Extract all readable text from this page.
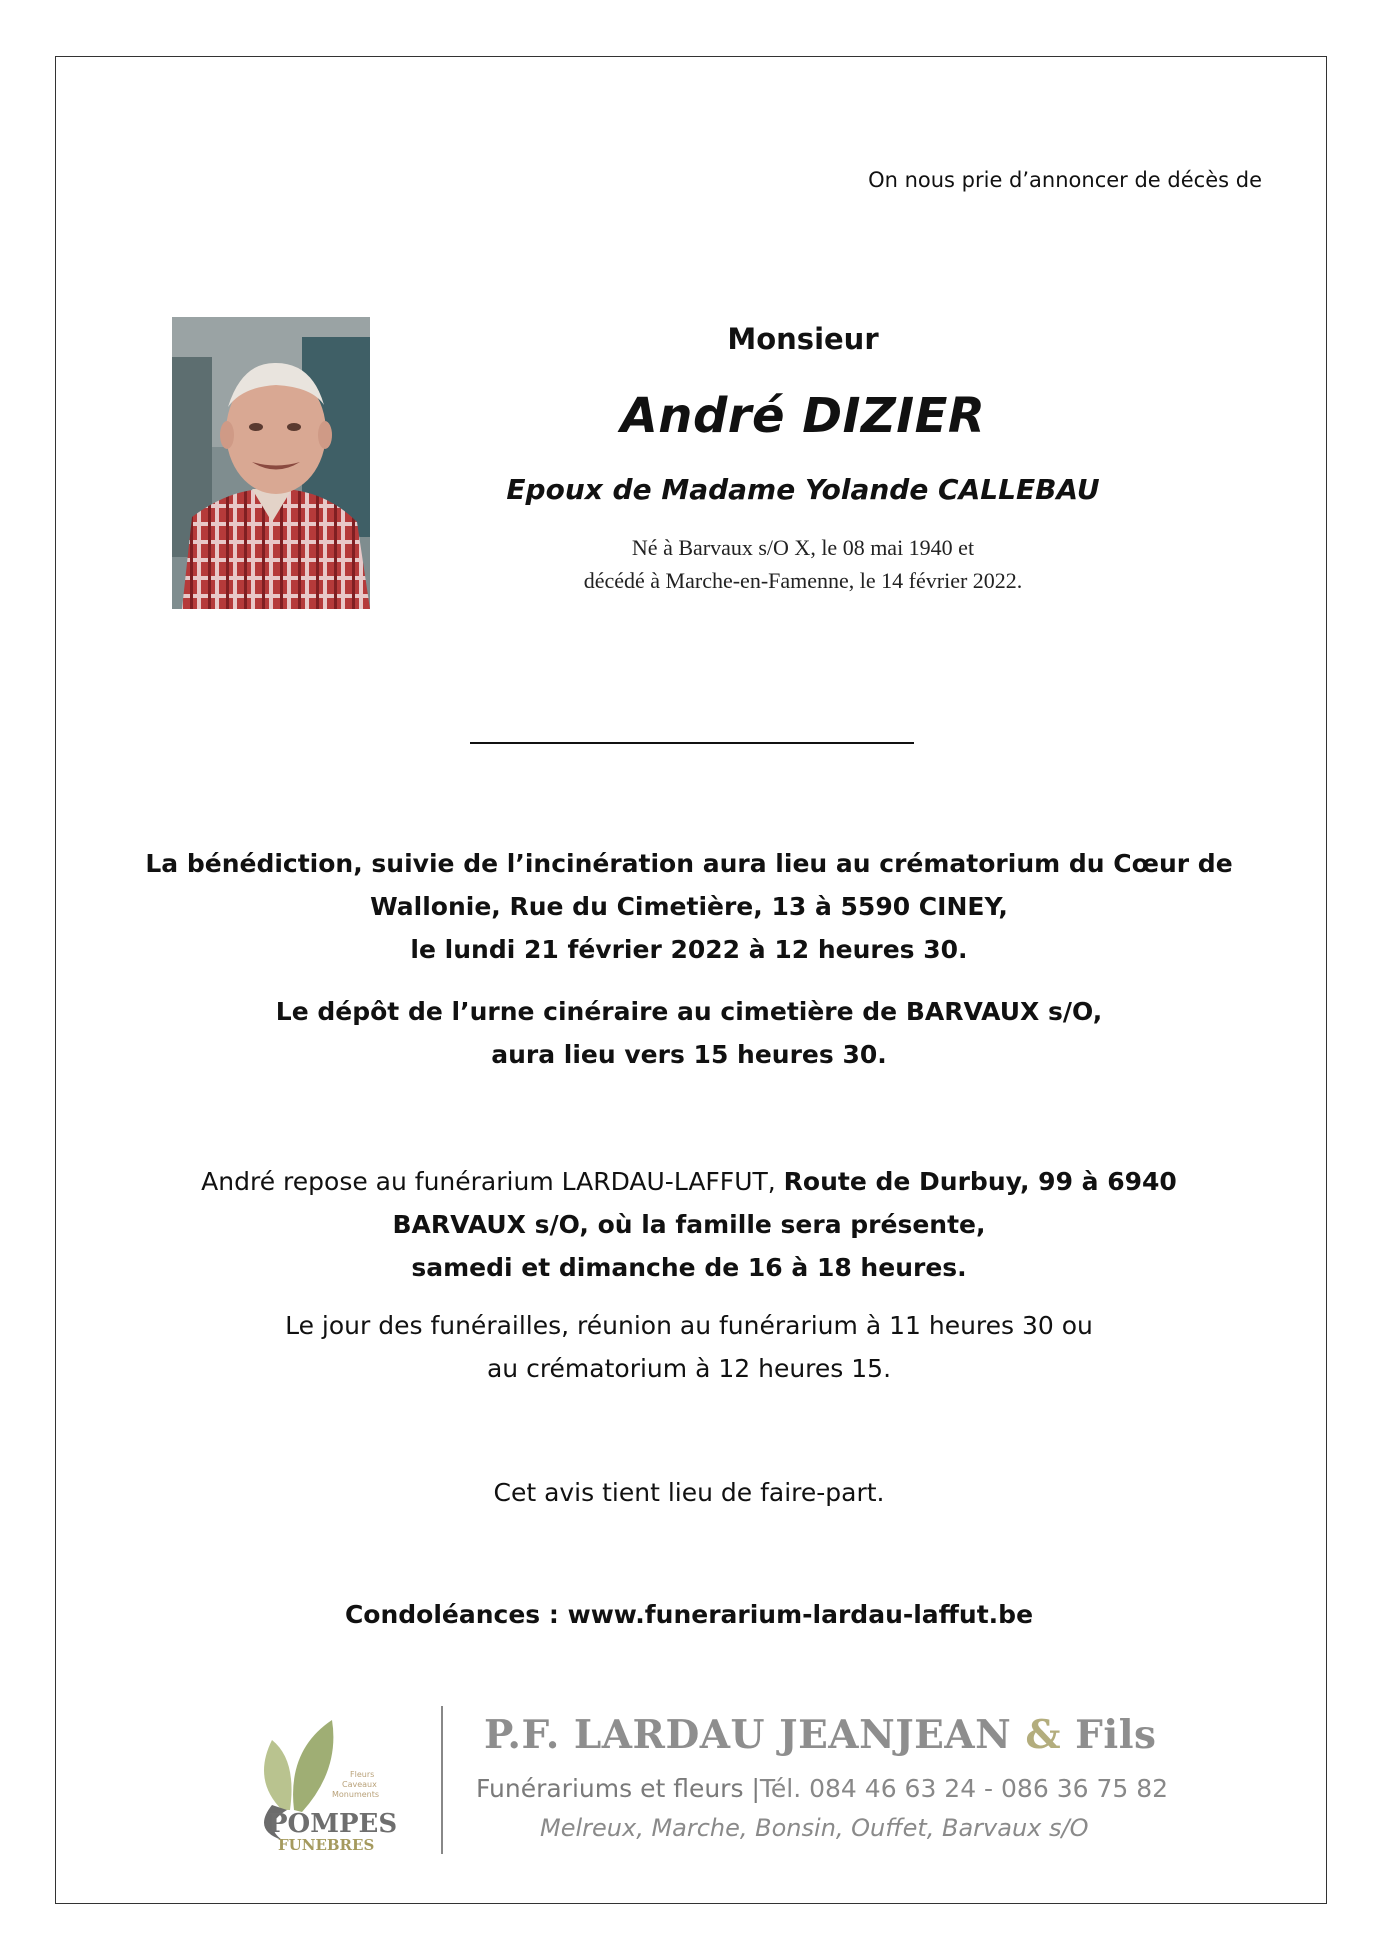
On nous prie d’annoncer de décès de
Monsieur
André DIZIER
Epoux de Madame Yolande CALLEBAU
Né à Barvaux s/O X, le 08 mai 1940 et
décédé à Marche-en-Famenne, le 14 février 2022.
La bénédiction, suivie de l’incinération aura lieu au crématorium du Cœur de
Wallonie, Rue du Cimetière, 13 à 5590 CINEY,
le lundi 21 février 2022 à 12 heures 30.
Le dépôt de l’urne cinéraire au cimetière de BARVAUX s/O,
aura lieu vers 15 heures 30.
André repose au funérarium LARDAU-LAFFUT, Route de Durbuy, 99 à 6940
BARVAUX s/O, où la famille sera présente,
samedi et dimanche de 16 à 18 heures.
Le jour des funérailles, réunion au funérarium à 11 heures 30 ou
au crématorium à 12 heures 15.
Cet avis tient lieu de faire-part.
Condoléances : www.funerarium-lardau-laffut.be
Fleurs
Caveaux
Monuments
POMPES
FUNEBRES
P.F. LARDAU JEANJEAN & Fils
Funérariums et fleurs |Tél. 084 46 63 24 - 086 36 75 82
Melreux, Marche, Bonsin, Ouffet, Barvaux s/O
